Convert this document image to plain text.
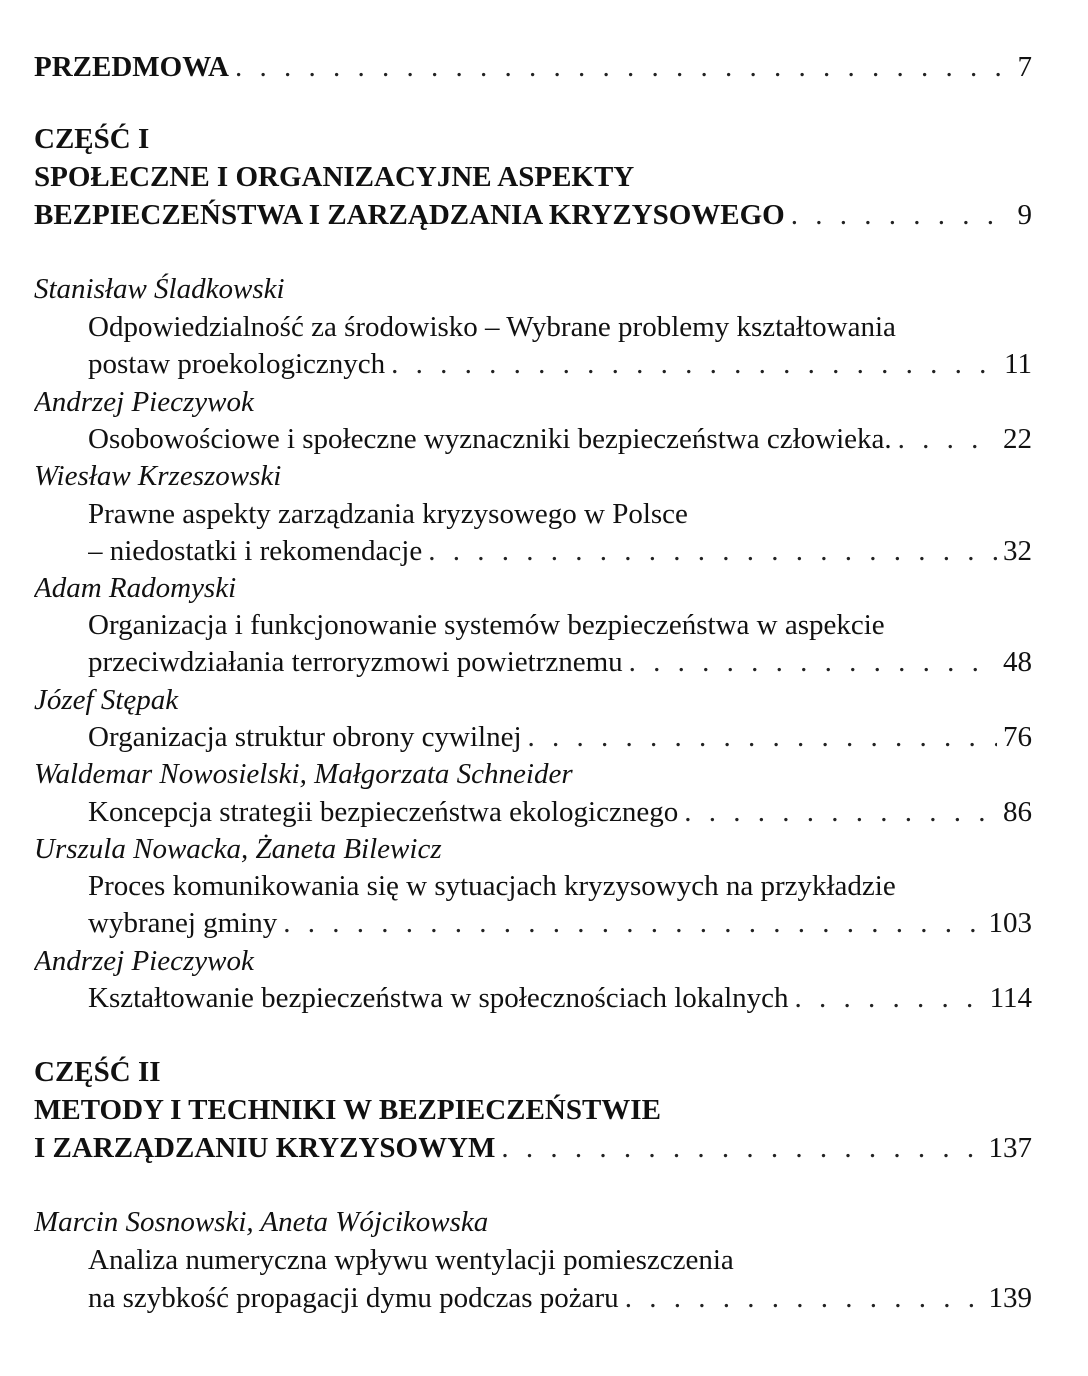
PRZEDMOWA . . .	7
CZĘŚĆ I
SPOŁECZNE I ORGANIZACYJNE ASPEKTY
BEZPIECZEŃSTWA I ZARZĄDZANIA KRYZYSOWEGO . . .	9
Stanisław Śladkowski
Odpowiedzialność za środowisko – Wybrane problemy kształtowania
postaw proekologicznych . . .	11
Andrzej Pieczywok
Osobowościowe i społeczne wyznaczniki bezpieczeństwa człowieka. . . .	22
Wiesław Krzeszowski
Prawne aspekty zarządzania kryzysowego w Polsce
– niedostatki i rekomendacje . . .	32
Adam Radomyski
Organizacja i funkcjonowanie systemów bezpieczeństwa w aspekcie
przeciwdziałania terroryzmowi powietrznemu . . .	48
Józef Stępak
Organizacja struktur obrony cywilnej . . .	76
Waldemar Nowosielski, Małgorzata Schneider
Koncepcja strategii bezpieczeństwa ekologicznego . . .	86
Urszula Nowacka, Żaneta Bilewicz
Proces komunikowania się w sytuacjach kryzysowych na przykładzie
wybranej gminy . . .	103
Andrzej Pieczywok
Kształtowanie bezpieczeństwa w społecznościach lokalnych . . .	114
CZĘŚĆ II
METODY I TECHNIKI W BEZPIECZEŃSTWIE
I ZARZĄDZANIU KRYZYSOWYM . . .	137
Marcin Sosnowski, Aneta Wójcikowska
Analiza numeryczna wpływu wentylacji pomieszczenia
na szybkość propagacji dymu podczas pożaru . . .	139
